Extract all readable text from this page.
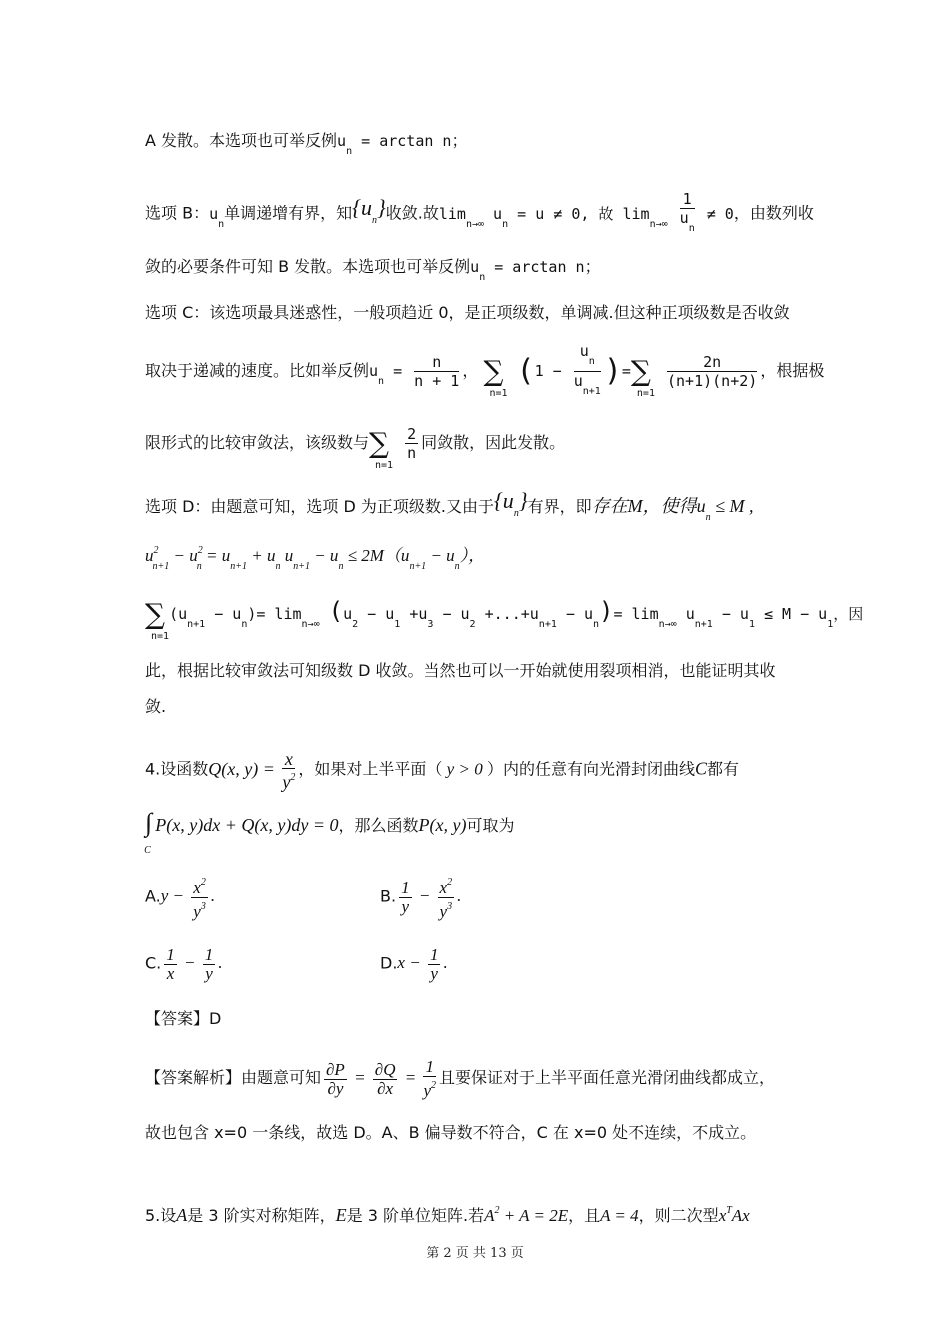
A 发散。本选项也可举反例$u_n = \arctan n$；
选项 B：$u_n$单调递增有界，知$\{u_n\}$收敛.故$\lim_{n\to\infty} u_n = u \ne 0$, 故 $\lim_{n\to\infty} \frac{1}{u_n} \ne 0$，由数列收
敛的必要条件可知 B 发散。本选项也可举反例$u_n = \arctan n$；
选项 C：该选项最具迷惑性，一般项趋近 0，是正项级数，单调减.但这种正项级数是否收敛
取决于递减的速度。比如举反例$u_n = \frac{n}{n + 1}$ ， $\sum_{n=1}$ $(1 - \frac{u_n}{u_{n+1}} )=\sum_{n=1}$
$\frac{2n}{(n+1)(n+2)}$ ，根据极
限形式的比较审敛法，该级数与$\sum_{n=1}$
$\frac{2}{n}$ 同敛散，因此发散。
选项 D：由题意可知，选项 D 为正项级数.又由于$\{u_n\}$有界，即存在M，使得$u_n \le M$ ,
$u^2_{n+1} - u^2_n = u_{n+1} + u_n$ $u_{n+1} - u_n \le 2M(u_{n+1} - u_n)$，
$\sum_{n=1}(u_{n+1} - u_n)= \lim_{n\to\infty} (u_2 - u_1 +u_3 - u_2 +...+u_{n+1} - u_n)= \lim_{n\to\infty} u_{n+1} - u_1 \le M - u_1$，因
此，根据比较审敛法可知级数 D 收敛。当然也可以一开始就使用裂项相消，也能证明其收
敛.
4.设函数Q(x, $y) = \frac{x}{y^2}$ ，如果对上半平面（ y > 0 ）内的任意有向光滑封闭曲线C都有
$\int_C$ P(x, y)dx + Q(x, y)dy = 0，那么函数P(x, y)可取为
$A.y - \frac{x^2}{y^3}$ .	B. $\frac{1}{y} - \frac{x^2}{y^3}$ .
C. $\frac{1}{x} - \frac{1}{y}$ .	$D.x - \frac{1}{y}$ .
【答案】D
【答案解析】由题意可知 $\frac{\partial P}{\partial y} = \frac{\partial Q}{\partial x} = \frac{1}{y^2}$ 且要保证对于上半平面任意光滑闭曲线都成立，
故也包含 x=0 一条线，故选 D。A、B 偏导数不符合，C 在 x=0 处不连续，不成立。
5.设A是 3 阶实对称矩阵，E是 3 阶单位矩阵.若$A^2 + A = 2E$，且A = 4，则二次型$x^TAx$
第 2 页 共 13 页
